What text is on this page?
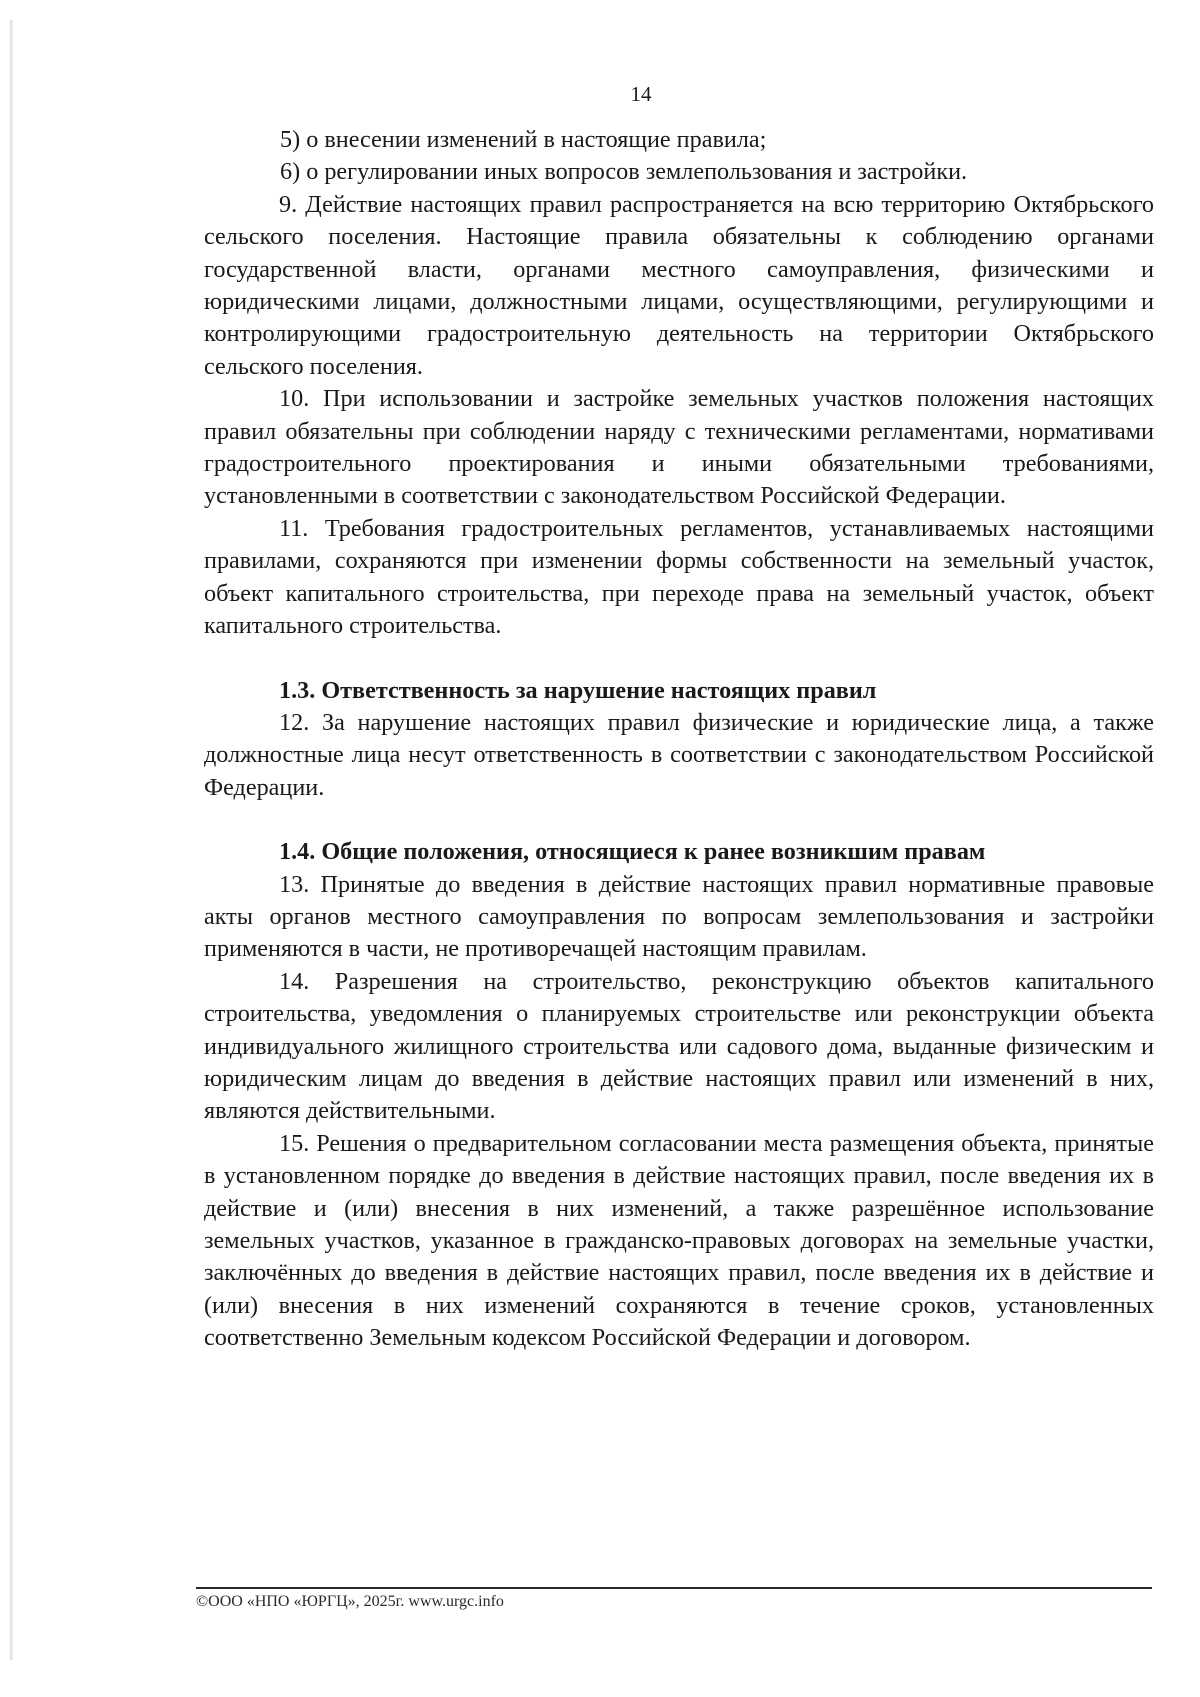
14

5) о внесении изменений в настоящие правила;

6) о регулировании иных вопросов землепользования и застройки.

9. Действие настоящих правил распространяется на всю территорию Октябрьского сельского поселения. Настоящие правила обязательны к соблюдению органами государственной власти, органами местного самоуправления, физическими и юридическими лицами, должностными лицами, осуществляющими, регулирующими и контролирующими градостроительную деятельность на территории Октябрьского сельского поселения.

10. При использовании и застройке земельных участков положения настоящих правил обязательны при соблюдении наряду с техническими регламентами, нормативами градостроительного проектирования и иными обязательными требованиями, установленными в соответствии с законодательством Российской Федерации.

11. Требования градостроительных регламентов, устанавливаемых настоящими правилами, сохраняются при изменении формы собственности на земельный участок, объект капитального строительства, при переходе права на земельный участок, объект капитального строительства.

1.3. Ответственность за нарушение настоящих правил

12. За нарушение настоящих правил физические и юридические лица, а также должностные лица несут ответственность в соответствии с законодательством Российской Федерации.

1.4. Общие положения, относящиеся к ранее возникшим правам

13. Принятые до введения в действие настоящих правил нормативные правовые акты органов местного самоуправления по вопросам землепользования и застройки применяются в части, не противоречащей настоящим правилам.

14. Разрешения на строительство, реконструкцию объектов капитального строительства, уведомления о планируемых строительстве или реконструкции объекта индивидуального жилищного строительства или садового дома, выданные физическим и юридическим лицам до введения в действие настоящих правил или изменений в них, являются действительными.

15. Решения о предварительном согласовании места размещения объекта, принятые в установленном порядке до введения в действие настоящих правил, после введения их в действие и (или) внесения в них изменений, а также разрешённое использование земельных участков, указанное в гражданско-правовых договорах на земельные участки, заключённых до введения в действие настоящих правил, после введения их в действие и (или) внесения в них изменений сохраняются в течение сроков, установленных соответственно Земельным кодексом Российской Федерации и договором.

©ООО «НПО «ЮРГЦ», 2025г. www.urgc.info
